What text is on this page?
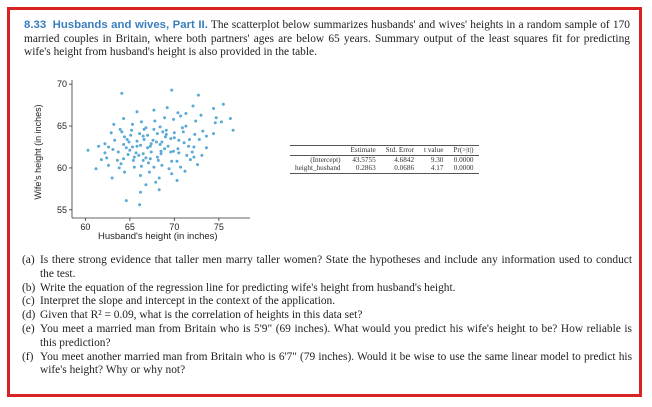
8.33 Husbands and wives, Part II. The scatterplot below summarizes husbands' and wives' heights in a random sample of 170 married couples in Britain, where both partners' ages are below 65 years. Summary output of the least squares fit for predicting wife's height from husband's height is also provided in the table.
60	65	70	75
55
60
65
70
Wife's height (in inches)
Husband's height (in inches)
	Estimate	Std. Error	t value	Pr(>|t|)
(Intercept)	43.5755	4.6842	9.30	0.0000
height_husband	0.2863	0.0686	4.17	0.0000
(a) Is there strong evidence that taller men marry taller women? State the hypotheses and include any information used to conduct the test.
(b) Write the equation of the regression line for predicting wife's height from husband's height.
(c) Interpret the slope and intercept in the context of the application.
(d) Given that R² = 0.09, what is the correlation of heights in this data set?
(e) You meet a married man from Britain who is 5'9" (69 inches). What would you predict his wife's height to be? How reliable is this prediction?
(f) You meet another married man from Britain who is 6'7" (79 inches). Would it be wise to use the same linear model to predict his wife's height? Why or why not?
